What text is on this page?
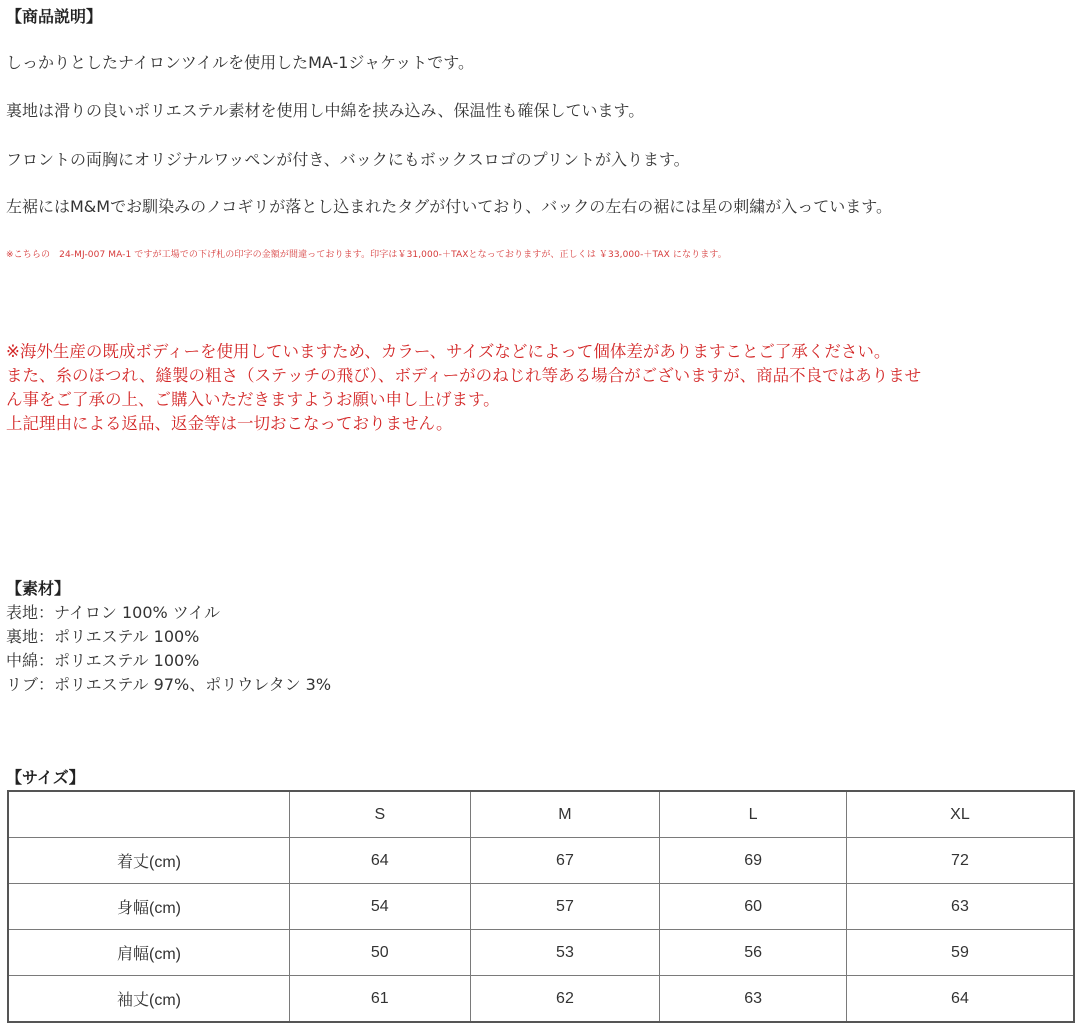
【商品説明】
しっかりとしたナイロンツイルを使用したMA-1ジャケットです。
裏地は滑りの良いポリエステル素材を使用し中綿を挟み込み、保温性も確保しています。
フロントの両胸にオリジナルワッペンが付き、バックにもボックスロゴのプリントが入ります。
左裾にはM&Mでお馴染みのノコギリが落とし込まれたタグが付いており、バックの左右の裾には星の刺繍が入っています。
※こちらの　24-MJ-007 MA-1 ですが工場での下げ札の印字の金額が間違っております。印字は￥31,000-＋TAXとなっておりますが、正しくは ￥33,000-＋TAX になります。
※海外生産の既成ボディーを使用していますため、カラー、サイズなどによって個体差がありますことご了承ください。
また、糸のほつれ、縫製の粗さ（ステッチの飛び）、ボディーがのねじれ等ある場合がございますが、商品不良ではありませ
ん事をご了承の上、ご購入いただきますようお願い申し上げます。
上記理由による返品、返金等は一切おこなっておりません。
【素材】
表地：ナイロン 100% ツイル
裏地：ポリエステル 100%
中綿：ポリエステル 100%
リブ：ポリエステル 97%、ポリウレタン 3%
【サイズ】
	S	M	L	XL
着丈(cm)	64	67	69	72
身幅(cm)	54	57	60	63
肩幅(cm)	50	53	56	59
袖丈(cm)	61	62	63	64
